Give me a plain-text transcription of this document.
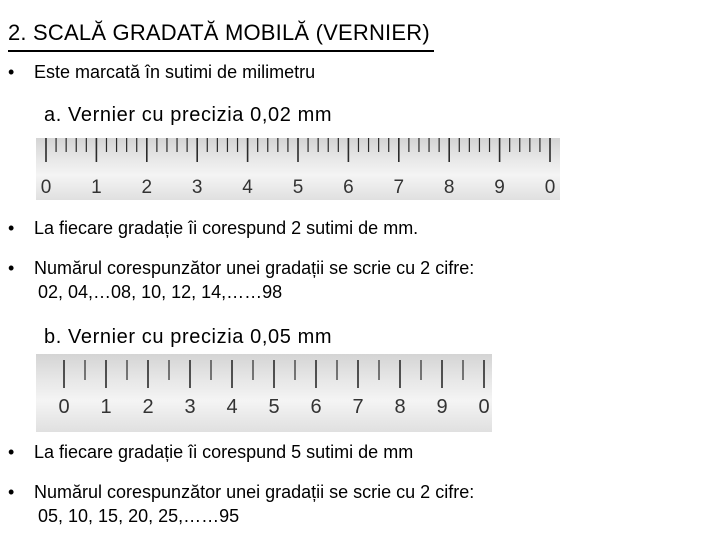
2. SCALĂ GRADATĂ MOBILĂ (VERNIER)
• Este marcată în sutimi de milimetru
a. Vernier cu precizia 0,02 mm
0 1 2 3 4 5 6 7 8 9 0
• La fiecare gradație îi corespund 2 sutimi de mm.
• Numărul corespunzător unei gradații se scrie cu 2 cifre:
02, 04,…08, 10, 12, 14,……98
b. Vernier cu precizia 0,05 mm
0 1 2 3 4 5 6 7 8 9 0
• La fiecare gradație îi corespund 5 sutimi de mm
• Numărul corespunzător unei gradații se scrie cu 2 cifre:
05, 10, 15, 20, 25,……95
